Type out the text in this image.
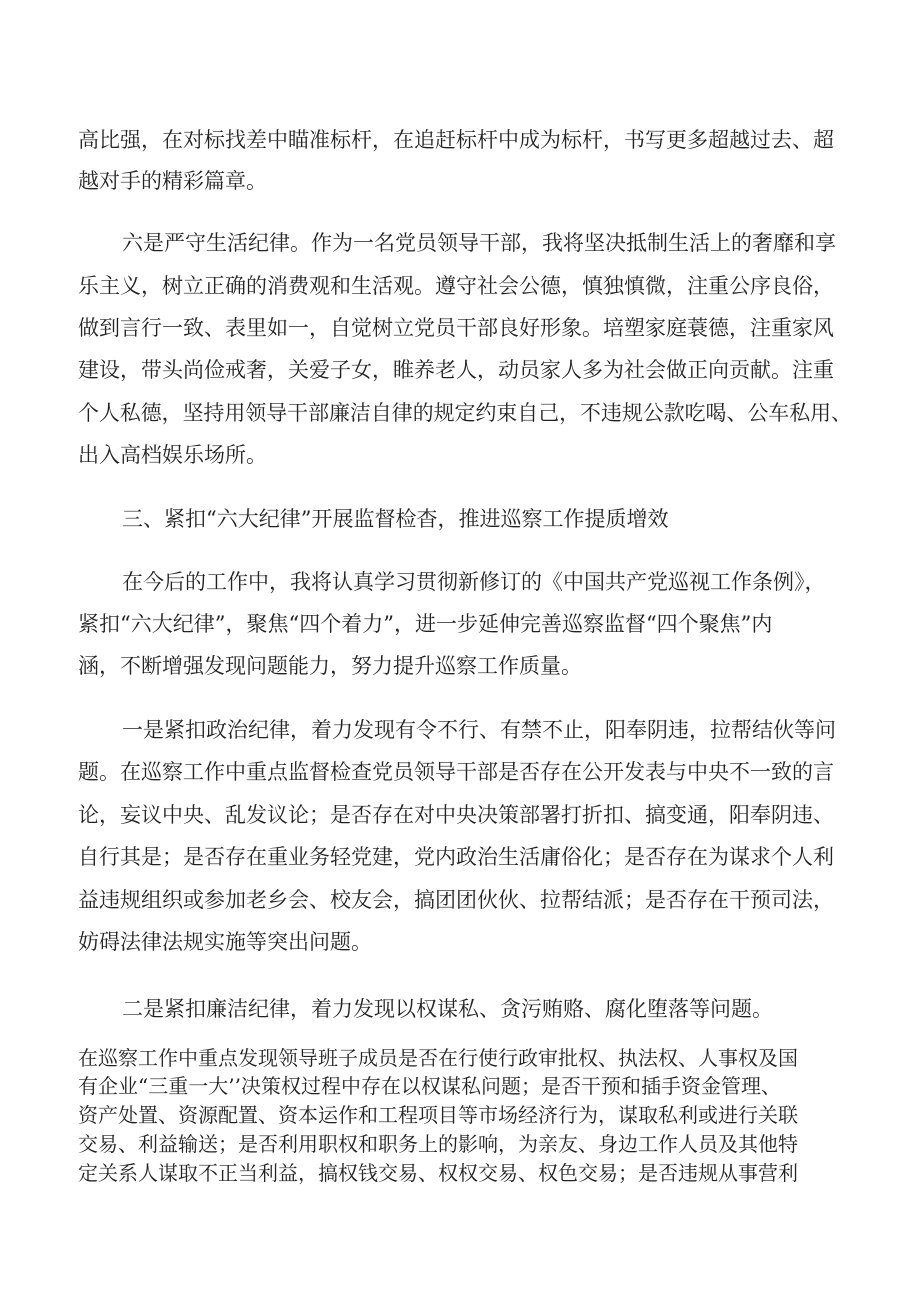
高比强，在对标找差中瞄准标杆，在追赶标杆中成为标杆，书写更多超越过去、超

越对手的精彩篇章。

六是严守生活纪律。作为一名党员领导干部，我将坚决抵制生活上的奢靡和享

乐主义，树立正确的消费观和生活观。遵守社会公德，慎独慎微，注重公序良俗，

做到言行一致、表里如一，自觉树立党员干部良好形象。培塑家庭蓑德，注重家风

建设，带头尚俭戒奢，关爱子女，睢养老人，动员家人多为社会做正向贡献。注重

个人私德，坚持用领导干部廉洁自律的规定约束自己，不违规公款吃喝、公车私用、

出入高档娱乐场所。

三、紧扣“六大纪律”开展监督检杳，推进巡察工作提质增效

在今后的工作中，我将认真学习贯彻新修订的《中国共产党巡视工作条例》，

紧扣“六大纪律”，聚焦“四个着力”，进一步延伸完善巡察监督“四个聚焦”内

涵，不断增强发现问题能力，努力提升巡察工作质量。

一是紧扣政治纪律，着力发现有令不行、有禁不止，阳奉阴违，拉帮结伙等问

题。在巡察工作中重点监督检查党员领导干部是否存在公开发表与中央不一致的言

论，妄议中央、乱发议论；是否存在对中央决策部署打折扣、搞变通，阳奉阴违、

自行其是；是否存在重业务轻党建，党内政治生活庸俗化；是否存在为谋求个人利

益违规组织或参加老乡会、校友会，搞团团伙伙、拉帮结派；是否存在干预司法，

妨碍法律法规实施等突出问题。

二是紧扣廉洁纪律，着力发现以权谋私、贪污贿赂、腐化堕落等问题。

在巡察工作中重点发现领导班子成员是否在行使行政审批权、执法权、人事权及国

有企业“三重一大’’决策权过程中存在以权谋私问题；是否干预和插手资金管理、

资产处置、资源配置、资本运作和工程项目等市场经济行为，谋取私利或进行关联

交易、利益输送；是否利用职权和职务上的影响，为亲友、身边工作人员及其他特

定关系人谋取不正当利益，搞权钱交易、权权交易、权色交易；是否违规从事营利
